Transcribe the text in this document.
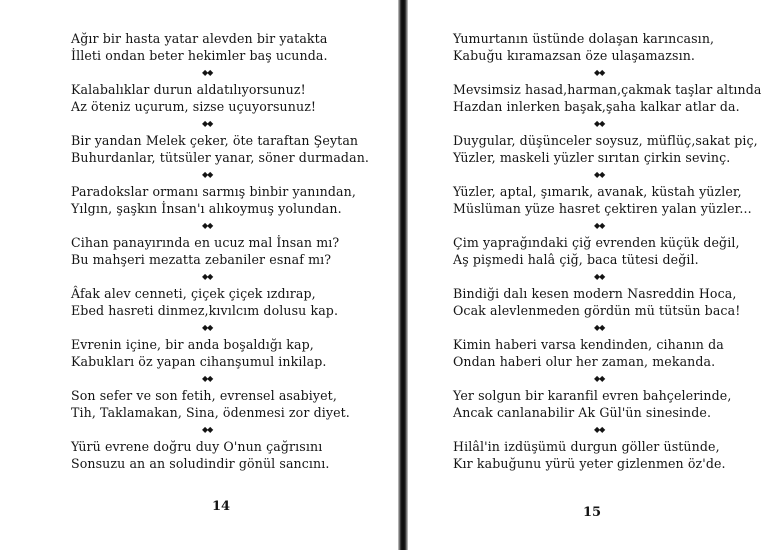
Ağır bir hasta yatar alevden bir yatakta
İlleti ondan beter hekimler baş ucunda.
◆◆
Kalabalıklar durun aldatılıyorsunuz!
Az öteniz uçurum, sizse uçuyorsunuz!
◆◆
Bir yandan Melek çeker, öte taraftan Şeytan
Buhurdanlar, tütsüler yanar, söner durmadan.
◆◆
Paradokslar ormanı sarmış binbir yanından,
Yılgın, şaşkın İnsan'ı alıkoymuş yolundan.
◆◆
Cihan panayırında en ucuz mal İnsan mı?
Bu mahşeri mezatta zebaniler esnaf mı?
◆◆
Âfak alev cenneti, çiçek çiçek ızdırap,
Ebed hasreti dinmez,kıvılcım dolusu kap.
◆◆
Evrenin içine, bir anda boşaldığı kap,
Kabukları öz yapan cihanşumul inkilap.
◆◆
Son sefer ve son fetih, evrensel asabiyet,
Tih, Taklamakan, Sina, ödenmesi zor diyet.
◆◆
Yürü evrene doğru duy O'nun çağrısını
Sonsuzu an an soludindir gönül sancını.
14
Yumurtanın üstünde dolaşan karıncasın,
Kabuğu kıramazsan öze ulaşamazsın.
◆◆
Mevsimsiz hasad,harman,çakmak taşlar altında
Hazdan inlerken başak,şaha kalkar atlar da.
◆◆
Duygular, düşünceler soysuz, müflüç,sakat piç,
Yüzler, maskeli yüzler sırıtan çirkin sevinç.
◆◆
Yüzler, aptal, şımarık, avanak, küstah yüzler,
Müslüman yüze hasret çektiren yalan yüzler...
◆◆
Çim yaprağındaki çiğ evrenden küçük değil,
Aş pişmedi halâ çiğ, baca tütesi değil.
◆◆
Bindiği dalı kesen modern Nasreddin Hoca,
Ocak alevlenmeden gördün mü tütsün baca!
◆◆
Kimin haberi varsa kendinden, cihanın da
Ondan haberi olur her zaman, mekanda.
◆◆
Yer solgun bir karanfil evren bahçelerinde,
Ancak canlanabilir Ak Gül'ün sinesinde.
◆◆
Hilâl'in izdüşümü durgun göller üstünde,
Kır kabuğunu yürü yeter gizlenmen öz'de.
15
